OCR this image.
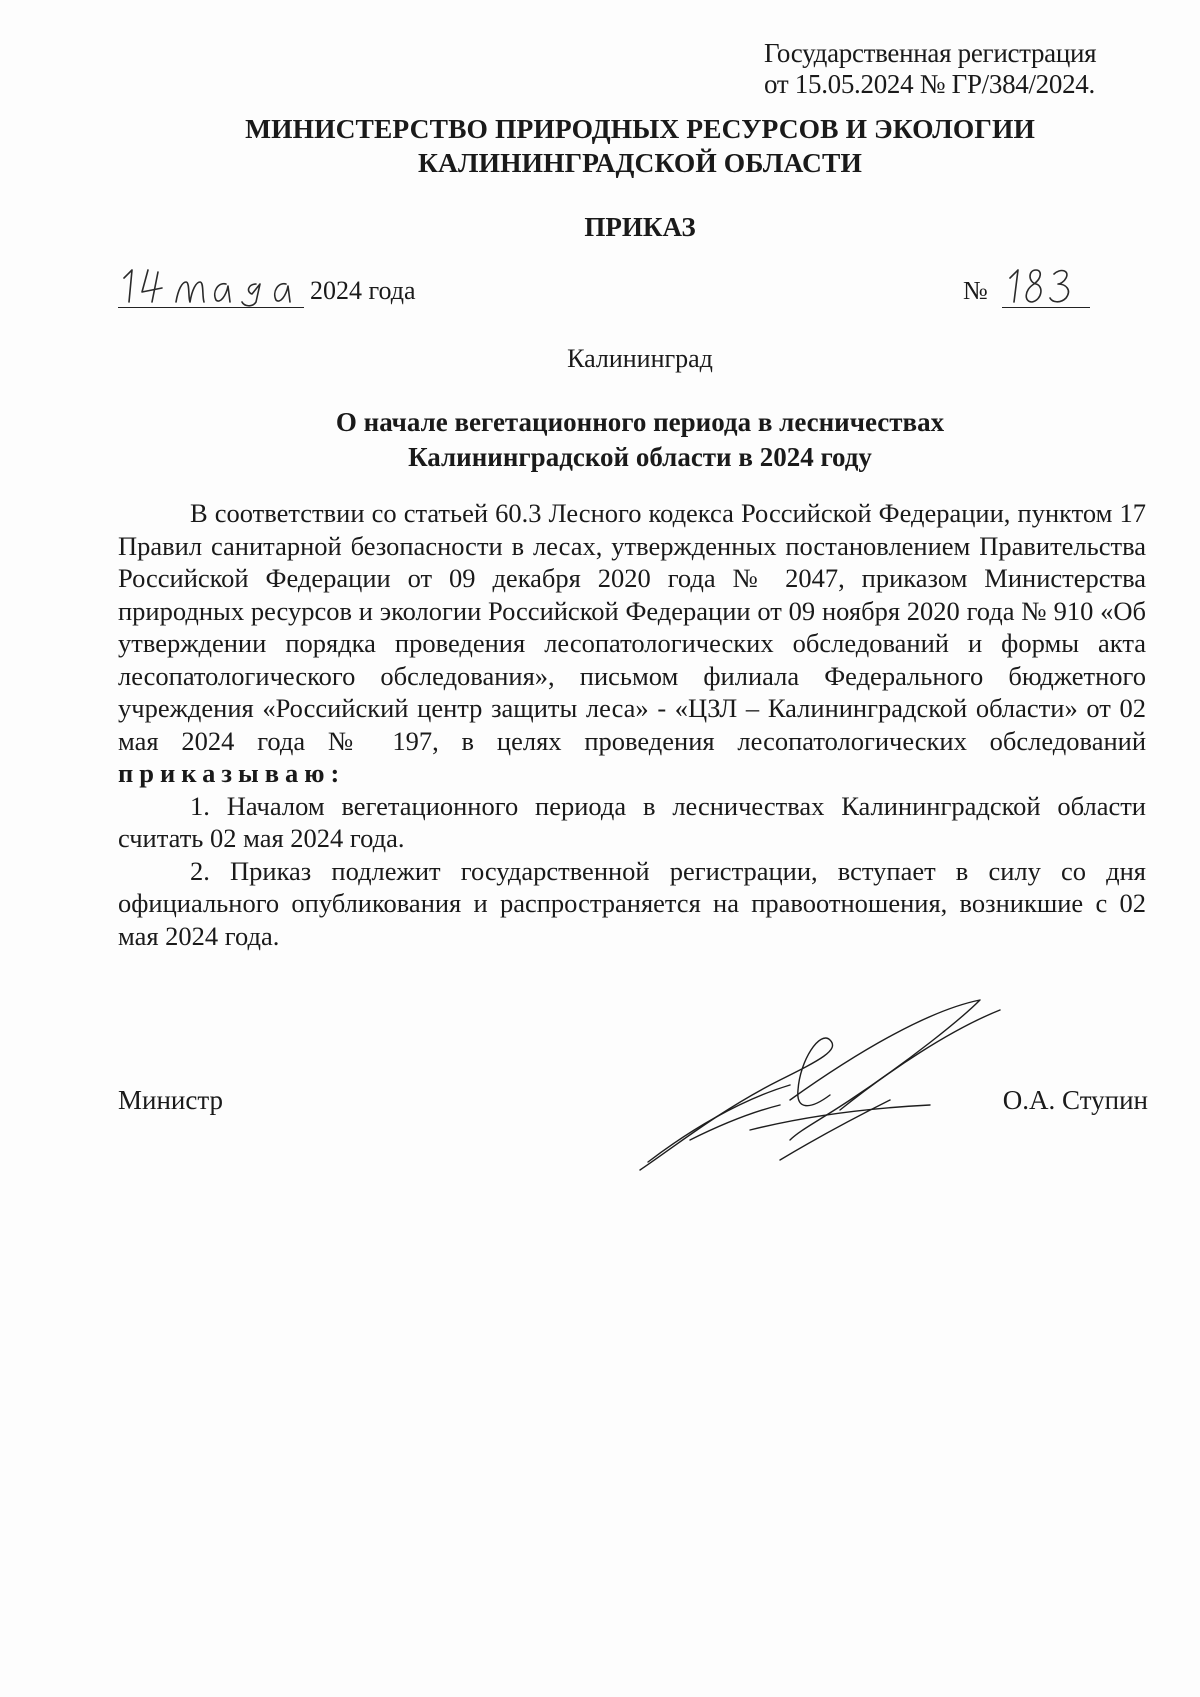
Государственная регистрация
от 15.05.2024 № ГР/384/2024.
МИНИСТЕРСТВО ПРИРОДНЫХ РЕСУРСОВ И ЭКОЛОГИИ
КАЛИНИНГРАДСКОЙ ОБЛАСТИ
ПРИКАЗ
2024 года	№
Калининград
О начале вегетационного периода в лесничествах
Калининградской области в 2024 году

В соответствии со статьей 60.3 Лесного кодекса Российской Федерации, пунктом 17 Правил санитарной безопасности в лесах, утвержденных постановлением Правительства Российской Федерации от 09 декабря 2020 года № 2047, приказом Министерства природных ресурсов и экологии Российской Федерации от 09 ноября 2020 года № 910 «Об утверждении порядка проведения лесопатологических обследований и формы акта лесопатологического обследования», письмом филиала Федерального бюджетного учреждения «Российский центр защиты леса» - «ЦЗЛ – Калининградской области» от 02 мая 2024 года № 197, в целях проведения лесопатологических обследований приказываю:

1. Началом вегетационного периода в лесничествах Калининградской области считать 02 мая 2024 года.

2. Приказ подлежит государственной регистрации, вступает в силу со дня официального опубликования и распространяется на правоотношения, возникшие с 02 мая 2024 года.

Министр	О.А. Ступин
